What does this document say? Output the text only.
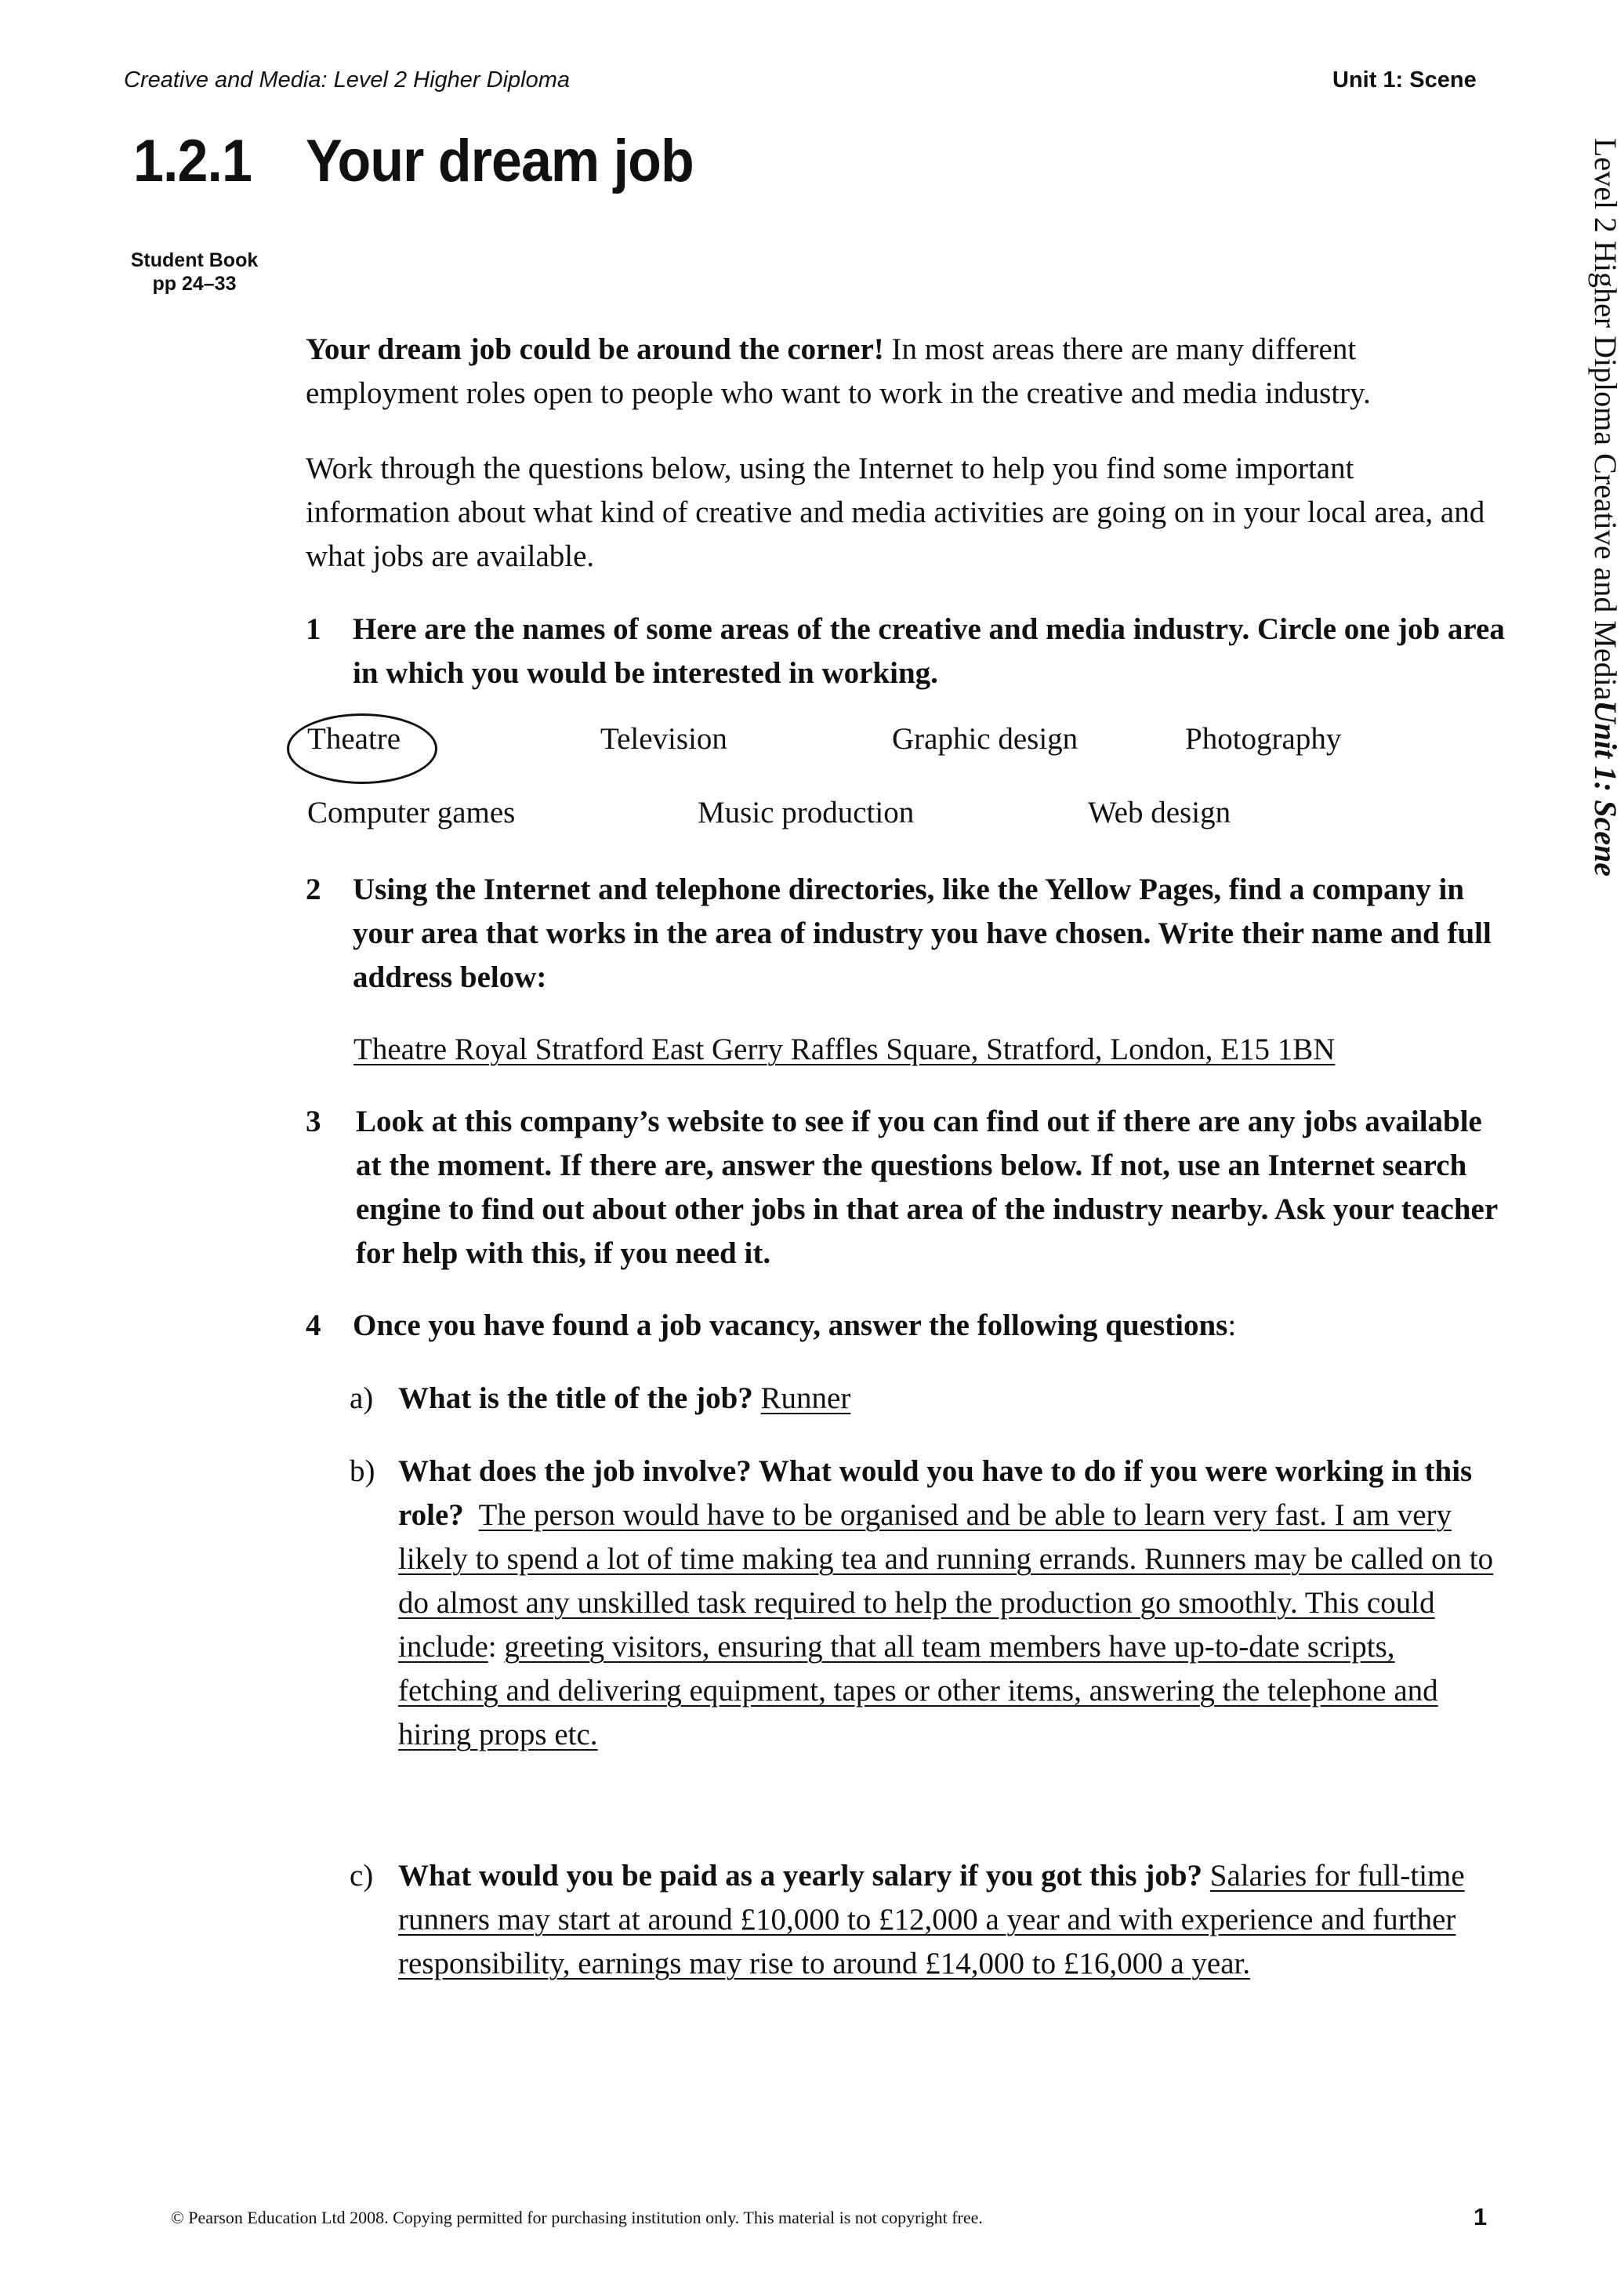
Creative and Media: Level 2 Higher Diploma	Unit 1: Scene
1.2.1 Your dream job
Student Book
pp 24–33	Level 2 Higher Diploma Creative and MediaUnit 1: Scene
Your dream job could be around the corner! In most areas there are many different employment roles open to people who want to work in the creative and media industry.
Work through the questions below, using the Internet to help you find some important information about what kind of creative and media activities are going on in your local area, and what jobs are available.
1 Here are the names of some areas of the creative and media industry. Circle one job area in which you would be interested in working.
Theatre	Television	Graphic design	Photography
Computer games	Music production	Web design
2 Using the Internet and telephone directories, like the Yellow Pages, find a company in your area that works in the area of industry you have chosen. Write their name and full address below:
Theatre Royal Stratford East Gerry Raffles Square, Stratford, London, E15 1BN
3 Look at this company’s website to see if you can find out if there are any jobs available at the moment. If there are, answer the questions below. If not, use an Internet search engine to find out about other jobs in that area of the industry nearby. Ask your teacher for help with this, if you need it.
4 Once you have found a job vacancy, answer the following questions:
a) What is the title of the job? Runner
b) What does the job involve? What would you have to do if you were working in this role? The person would have to be organised and be able to learn very fast. I am very likely to spend a lot of time making tea and running errands. Runners may be called on to do almost any unskilled task required to help the production go smoothly. This could include: greeting visitors, ensuring that all team members have up-to-date scripts, fetching and delivering equipment, tapes or other items, answering the telephone and hiring props etc.
c) What would you be paid as a yearly salary if you got this job? Salaries for full-time runners may start at around £10,000 to £12,000 a year and with experience and further responsibility, earnings may rise to around £14,000 to £16,000 a year.
© Pearson Education Ltd 2008. Copying permitted for purchasing institution only. This material is not copyright free.	1
